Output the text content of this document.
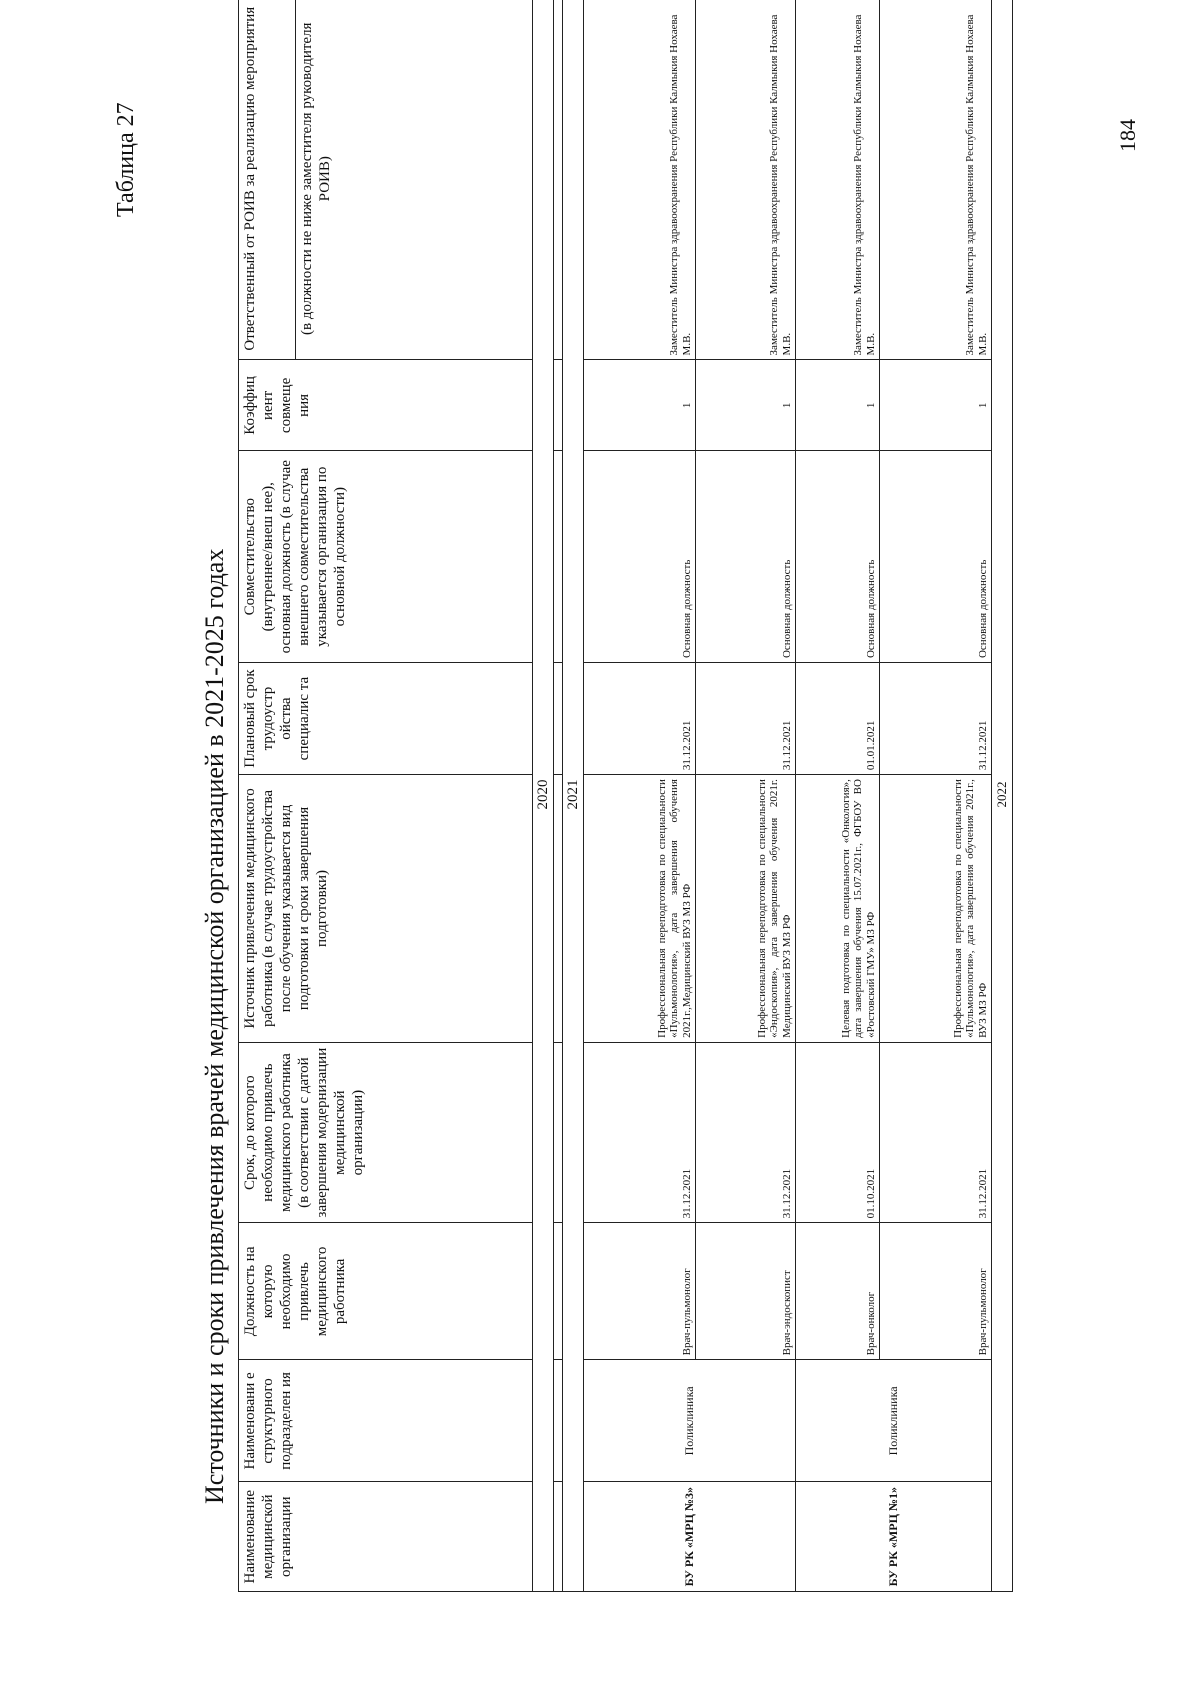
184
Таблица 27
Источники и сроки привлечения врачей медицинской организацией в 2021-2025 годах
Наименование медицинской организации	Наименовани е структурного подразделен ия	Должность на которую необходимо привлечь медицинского работника	Срок, до которого необходимо привлечь медицинского работника (в соответствии с датой завершения модернизации медицинской организации)	Источник привлечения медицинского работника (в случае трудоустройства после обучения указывается вид подготовки и сроки завершения подготовки)	Плановый срок трудоустр ойства специалис та	Совместительство (внутреннее/внеш нее), основная должность (в случае внешнего совместительства указывается организация по основной должности)	Коэффиц иент совмеще ния	Ответственный от РОИВ за реализацию мероприятия
								(в должности не ниже заместителя руководителя РОИВ)
2020								

2021								
БУ РК «МРЦ №3»	Поликлиника	Врач-пульмонолог	31.12.2021	Профессиональная переподготовка по специальности «Пульмонология», дата завершения обучения 2021г.,Медицинский ВУЗ МЗ РФ	31.12.2021	Основная должность	1	Заместитель Министра здравоохранения Республики Калмыкия Нохаева М.В.
		Врач-эндоскопист	31.12.2021	Профессиональная переподготовка по специальности «Эндоскопия», дата завершения обучения 2021г. Медицинский ВУЗ МЗ РФ	31.12.2021	Основная должность	1	Заместитель Министра здравоохранения Республики Калмыкия Нохаева М.В.
БУ РК «МРЦ №1»	Поликлиника	Врач-онколог	01.10.2021	Целевая подготовка по специальности «Онкология», дата завершения обучения 15.07.2021г., ФГБОУ ВО «Ростовский ГМУ» МЗ РФ	01.01.2021	Основная должность	1	Заместитель Министра здравоохранения Республики Калмыкия Нохаева М.В.
		Врач-пульмонолог	31.12.2021	Профессиональная переподготовка по специальности «Пульмонология», дата завершения обучения 2021г., ВУЗ МЗ РФ	31.12.2021	Основная должность	1	Заместитель Министра здравоохранения Республики Калмыкия Нохаева М.В.
2022								
